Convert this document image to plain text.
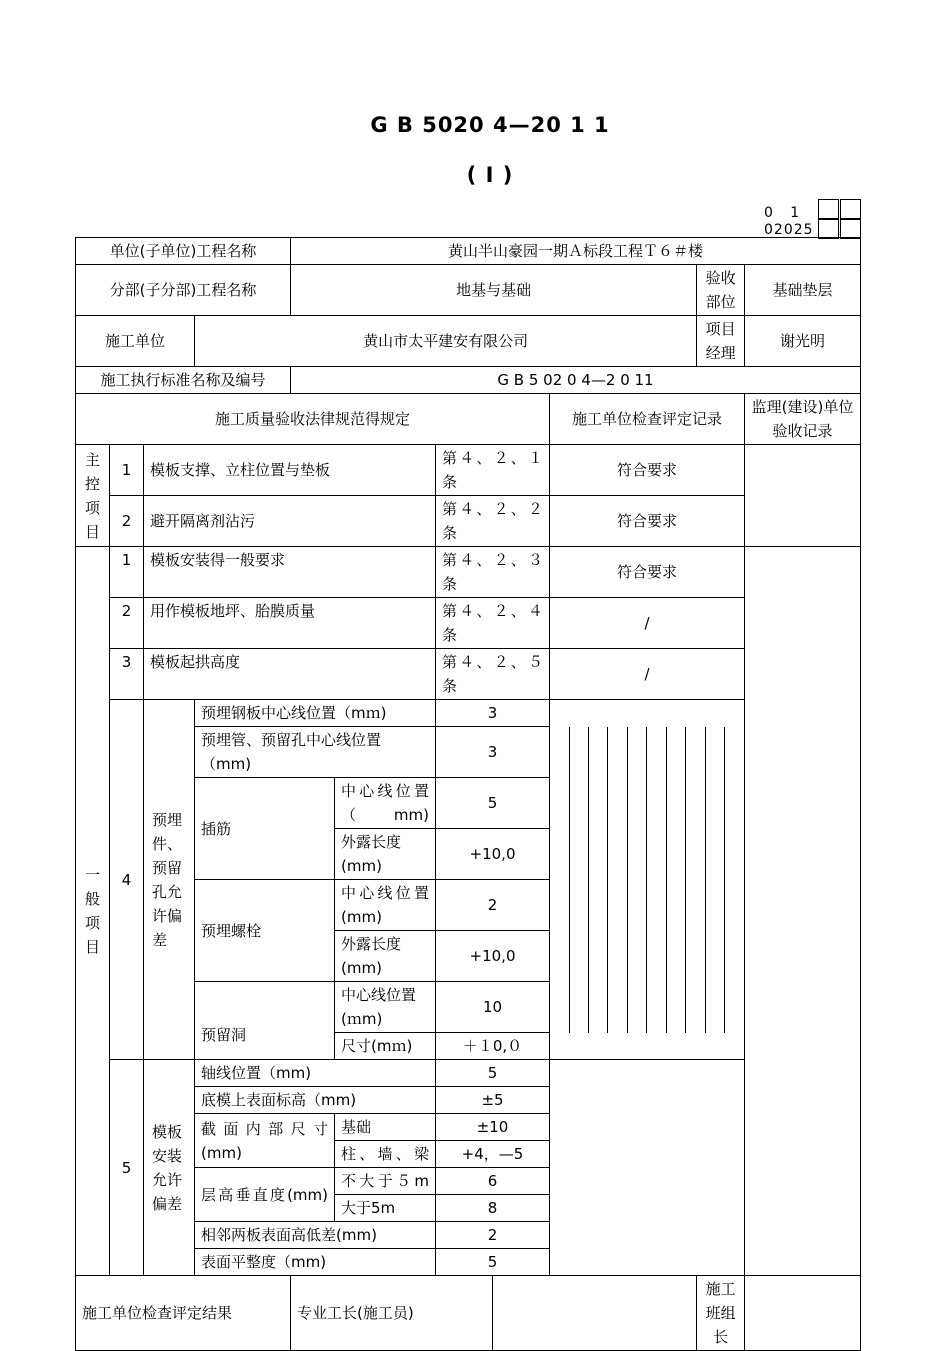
G B 5020 4—20 1 1
( I )
0   1
02025
单位(子单位)工程名称				黄山半山豪园一期Ａ标段工程Ｔ６＃楼						
分部(子分部)工程名称				地基与基础					验收部位	基础垫层
施工单位			黄山市太平建安有限公司						项目经理	谢光明
施工执行标准名称及编号				G B 5 02 0 4—2 0 11						
施工质量验收法律规范得规定								施工单位检查评定记录		监理(建设)单位验收记录
主
控
项
目	1	模板支撑、立柱位置与垫板				第４、２、１条		符合要求		
	2	避开隔离剂沾污				第４、２、２条		符合要求		
一
般
项
目	1	模板安装得一般要求				第４、２、３条		符合要求		
	2	用作模板地坪、胎膜质量				第４、２、４条		/		
	3	模板起拱高度				第４、２、５条		/		
	4	预埋件、预留孔允许偏差	预埋钢板中心线位置（mｍ)			3	

			预埋管、预留孔中心线位置（mm)			3				
			插筋		中心线位置（mm)	5				

					外露长度(mm)	+10,0				
			预埋螺栓		中心线位置(mm)	2				

					外露长度(mm)	+10,0				
			预留洞		中心线位置(ｍm)	10				

					尺寸(mｍ)	＋１0,０				
	5	模板安装允许偏差	轴线位置（mm)			5				
			底模上表面标高（mm)			±5				
			截面内部尺寸(mm)		基础	±10				
					柱、墙、梁	+4，—5				

			层高垂直度(mm)		不大于５m	6				

					大于5m	8				
			相邻两板表面高低差(mm)			2				
			表面平整度（mm)			5				
施工单位检查评定结果				专业工长(施工员)					施工班组长	
